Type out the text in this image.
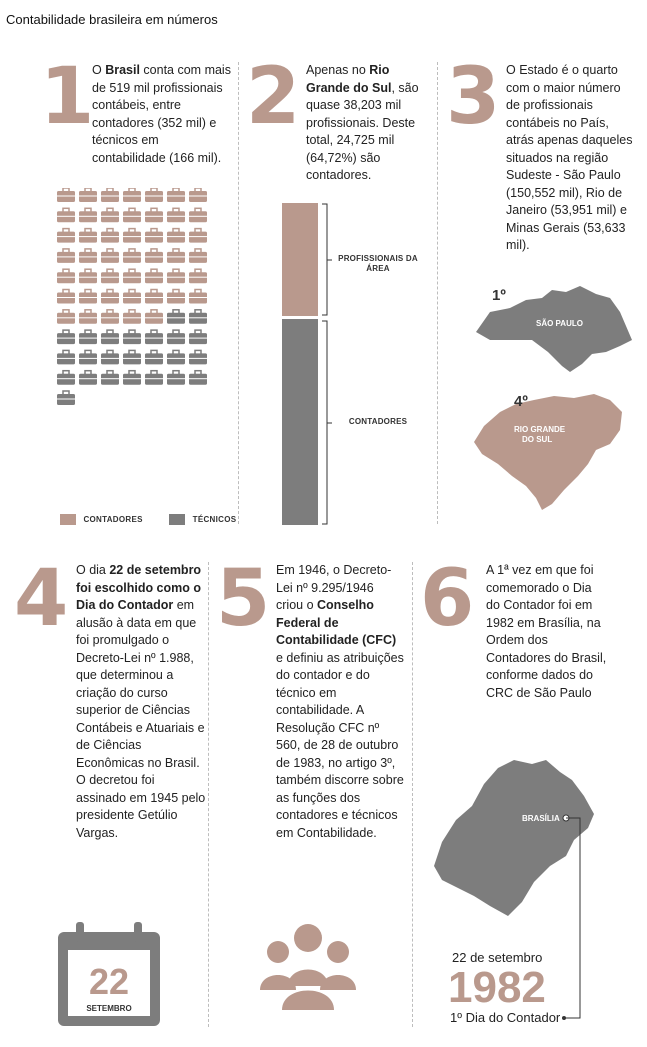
Contabilidade brasileira em números
1
O Brasil conta com mais de 519 mil profissionais contábeis, entre contadores (352 mil) e técnicos em contabilidade (166 mil).
CONTADORES	TÉCNICOS
2 Apenas no Rio Grande do Sul, são quase 38,203 mil profissionais. Deste total, 24,725 mil (64,72%) são contadores.
PROFISSIONAIS DA ÁREA
CONTADORES
3 O Estado é o quarto com o maior número de profissionais contábeis no País, atrás apenas daqueles situados na região Sudeste - São Paulo (150,552 mil), Rio de Janeiro (53,951 mil) e Minas Gerais (53,633 mil).
SÃO PAULO
1º
RIO GRANDE DO SUL
4º
4 O dia 22 de setembro foi escolhido como o Dia do Contador em alusão à data em que foi promulgado o Decreto-Lei nº 1.988, que determinou a criação do curso superior de Ciências Contábeis e Atuariais e de Ciências Econômicas no Brasil. O decretou foi assinado em 1945 pelo presidente Getúlio Vargas.
22
SETEMBRO
5 Em 1946, o Decreto-Lei nº 9.295/1946 criou o Conselho Federal de Contabilidade (CFC) e definiu as atribuições do contador e do técnico em contabilidade. A Resolução CFC nº 560, de 28 de outubro de 1983, no artigo 3º, também discorre sobre as funções dos contadores e técnicos em Contabilidade.
6 A 1ª vez em que foi comemorado o Dia do Contador foi em 1982 em Brasília, na Ordem dos Contadores do Brasil, conforme dados do CRC de São Paulo
BRASÍLIA
22 de setembro
1982
1º Dia do Contador
